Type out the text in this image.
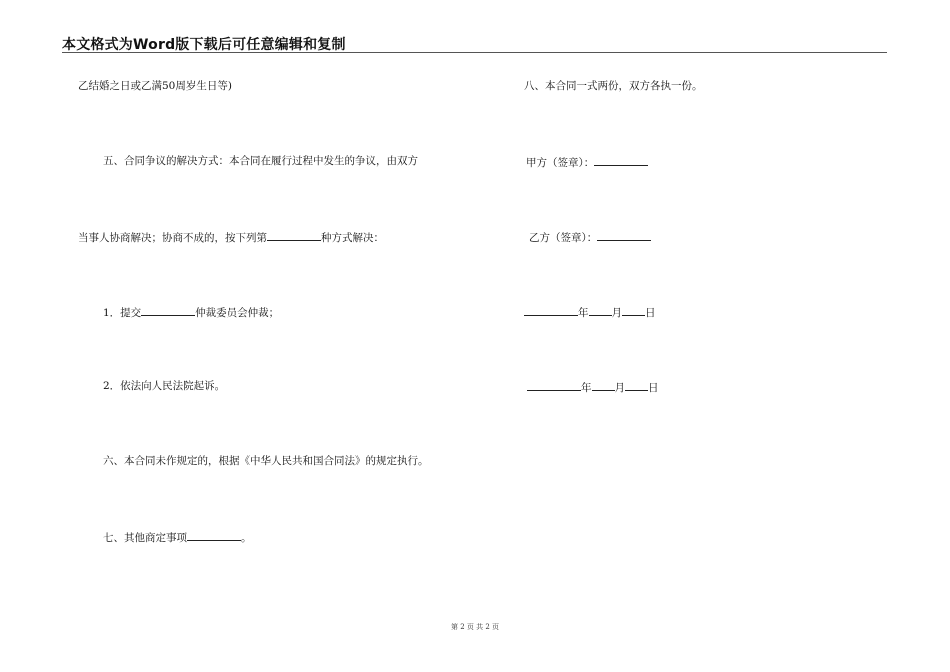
本文格式为Word版下载后可任意编辑和复制
乙结婚之日或乙满50周岁生日等)
五、合同争议的解决方式：本合同在履行过程中发生的争议，由双方
当事人协商解决；协商不成的，按下列第	种方式解决：
1．提交	仲裁委员会仲裁；
2．依法向人民法院起诉。
六、本合同未作规定的，根据《中华人民共和国合同法》的规定执行。
七、其他商定事项	。
八、本合同一式两份，双方各执一份。
甲方（签章）：
乙方（签章）：
年 月 日
年 月 日
第 2 页 共 2 页
